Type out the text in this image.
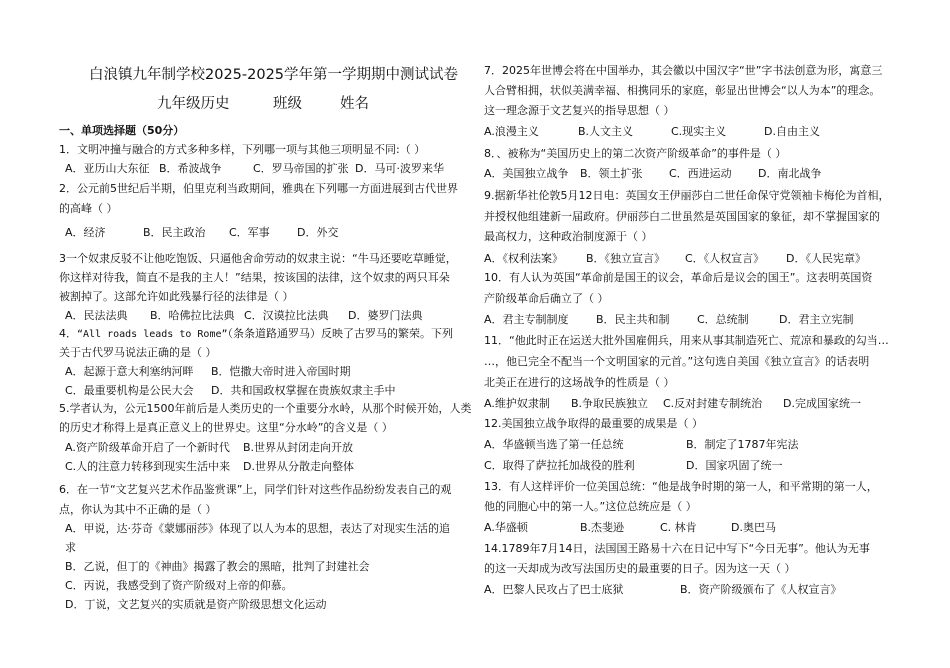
白浪镇九年制学校2025-2025学年第一学期期中测试试卷
九年级历史	班级	姓名
一、单项选择题（50分）
1．文明冲撞与融合的方式多种多样，下列哪一项与其他三项明显不同:（ ）
A．亚历山大东征 B．希波战争	C．罗马帝国的扩张 D．马可·波罗来华
2．公元前5世纪后半期，伯里克利当政期间，雅典在下列哪一方面进展到古代世界
的高峰（ ）
A．经济	B．民主政治 C．军事 D．外交
3一个奴隶反驳不让他吃饱饭、只逼他舍命劳动的奴隶主说：“牛马还要吃草睡觉，
你这样对待我，简直不是我的主人！”结果，按该国的法律，这个奴隶的两只耳朵
被割掉了。这部允许如此残暴行径的法律是（ ）
A．民法法典 B．哈佛拉比法典 C．汉谟拉比法典 D．婆罗门法典
4．“All roads leads to Rome”（条条道路通罗马）反映了古罗马的繁荣。下列
关于古代罗马说法正确的是（ ）
A．起源于意大利塞纳河畔 B．恺撒大帝时进入帝国时期
C．最重要机构是公民大会 D．共和国政权掌握在贵族奴隶主手中
5.学者认为，公元1500年前后是人类历史的一个重要分水岭，从那个时候开始，人类
的历史才称得上是真正意义上的世界史。这里“分水岭”的含义是（ ）
A.资产阶级革命开启了一个新时代 B.世界从封闭走向开放
C.人的注意力转移到现实生活中来 D.世界从分散走向整体
6．在一节“文艺复兴艺术作品鉴赏课”上，同学们针对这些作品纷纷发表自己的观
点，你认为其中不正确的是（ ）
A．甲说，达·芬奇《蒙娜丽莎》体现了以人为本的思想，表达了对现实生活的追
求
B．乙说，但丁的《神曲》揭露了教会的黑暗，批判了封建社会
C．丙说，我感受到了资产阶级对上帝的仰慕。
D．丁说，文艺复兴的实质就是资产阶级思想文化运动
7．2025年世博会将在中国举办，其会徽以中国汉字“世”字书法创意为形，寓意三
人合臂相拥，状似美满幸福、相携同乐的家庭，彰显出世博会“以人为本”的理念。
这一理念源于文艺复兴的指导思想（ ）
A.浪漫主义	B.人文主义	C.现实主义	D.自由主义
8．、被称为“美国历史上的第二次资产阶级革命”的事件是（ ）
A．美国独立战争 B．领土扩张 C．西进运动 D．南北战争
9.据新华社伦敦5月12日电：英国女王伊丽莎白二世任命保守党领袖卡梅伦为首相，
并授权他组建新一届政府。伊丽莎白二世虽然是英国国家的象征，却不掌握国家的
最高权力，这种政治制度源于（ ）
A．《权利法案》 B．《独立宣言》 C．《人权宣言》 D．《人民宪章》
10．有人认为英国“革命前是国王的议会，革命后是议会的国王”。这表明英国资
产阶级革命后确立了（ ）
A．君主专制制度 B．民主共和制 C．总统制	D．君主立宪制
11．“他此时正在运送大批外国雇佣兵，用来从事其制造死亡、荒凉和暴政的勾当…
…，他已完全不配当一个文明国家的元首。”这句选自美国《独立宣言》的话表明
北美正在进行的这场战争的性质是（ ）
A.维护奴隶制 B.争取民族独立 C.反对封建专制统治 D.完成国家统一
12.美国独立战争取得的最重要的成果是（ ）
A．华盛顿当选了第一任总统	B．制定了1787年宪法
C．取得了萨拉托加战役的胜利	D．国家巩固了统一
13．有人这样评价一位美国总统：“他是战争时期的第一人，和平常期的第一人，
他的同胞心中的第一人。”这位总统应是（ ）
A.华盛顿	B.杰斐逊	C. 林肯	D.奥巴马
14.1789年7月14日，法国国王路易十六在日记中写下“今日无事”。他认为无事
的这一天却成为改写法国历史的最重要的日子。因为这一天（ ）
A．巴黎人民攻占了巴士底狱	B．资产阶级颁布了《人权宣言》
